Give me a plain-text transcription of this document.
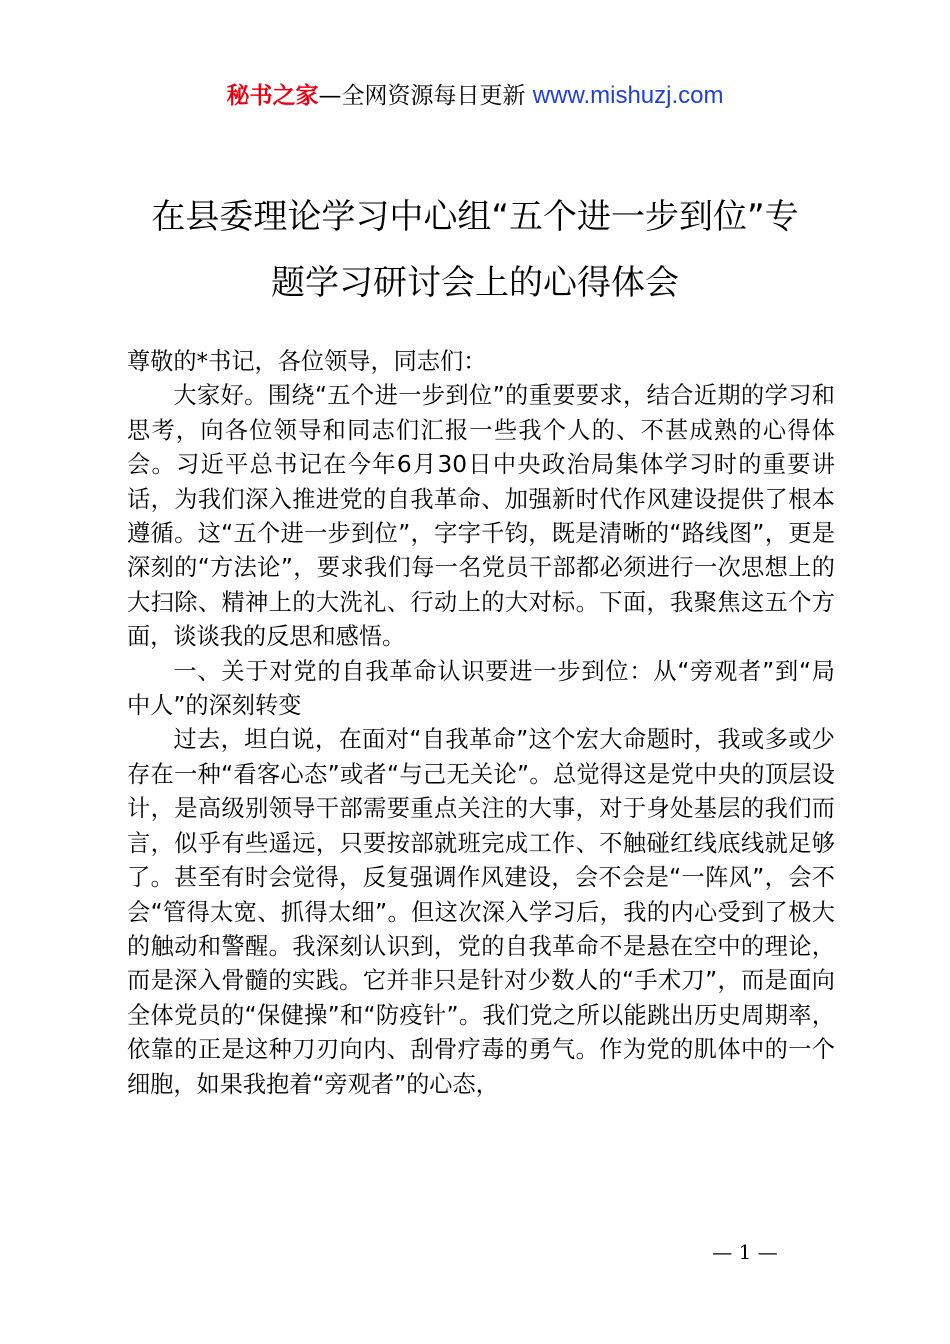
秘书之家—全网资源每日更新 www.mishuzj.com
在县委理论学习中心组“五个进一步到位”专
题学习研讨会上的心得体会

尊敬的*书记，各位领导，同志们：

大家好。围绕“五个进一步到位”的重要要求，结合近期的学习和思考，向各位领导和同志们汇报一些我个人的、不甚成熟的心得体会。习近平总书记在今年6月30日中央政治局集体学习时的重要讲话，为我们深入推进党的自我革命、加强新时代作风建设提供了根本遵循。这“五个进一步到位”，字字千钧，既是清晰的“路线图”，更是深刻的“方法论”，要求我们每一名党员干部都必须进行一次思想上的大扫除、精神上的大洗礼、行动上的大对标。下面，我聚焦这五个方面，谈谈我的反思和感悟。

一、关于对党的自我革命认识要进一步到位：从“旁观者”到“局中人”的深刻转变

过去，坦白说，在面对“自我革命”这个宏大命题时，我或多或少存在一种“看客心态”或者“与己无关论”。总觉得这是党中央的顶层设计，是高级别领导干部需要重点关注的大事，对于身处基层的我们而言，似乎有些遥远，只要按部就班完成工作、不触碰红线底线就足够了。甚至有时会觉得，反复强调作风建设，会不会是“一阵风”，会不会“管得太宽、抓得太细”。但这次深入学习后，我的内心受到了极大的触动和警醒。我深刻认识到，党的自我革命不是悬在空中的理论，而是深入骨髓的实践。它并非只是针对少数人的“手术刀”，而是面向全体党员的“保健操”和“防疫针”。我们党之所以能跳出历史周期率，依靠的正是这种刀刃向内、刮骨疗毒的勇气。作为党的肌体中的一个细胞，如果我抱着“旁观者”的心态，

— 1 —
